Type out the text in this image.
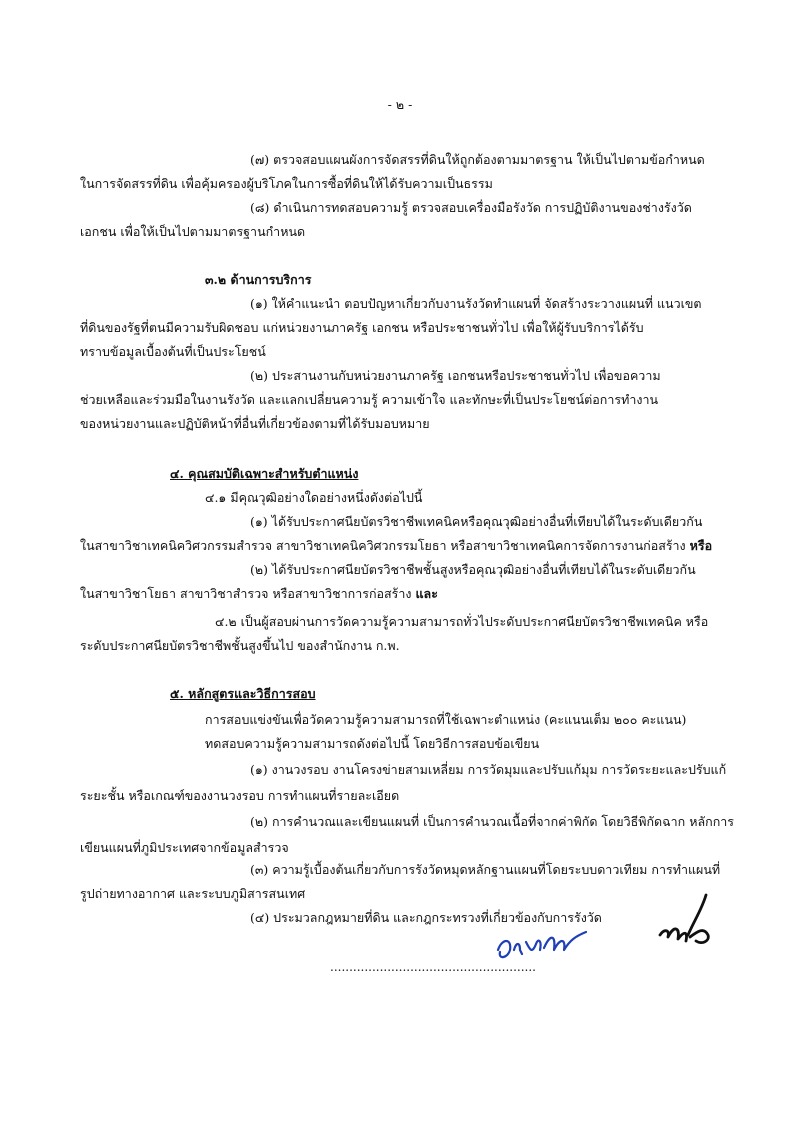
- ๒ -
(๗) ตรวจสอบแผนผังการจัดสรรที่ดินให้ถูกต้องตามมาตรฐาน ให้เป็นไปตามข้อกำหนด
ในการจัดสรรที่ดิน เพื่อคุ้มครองผู้บริโภคในการซื้อที่ดินให้ได้รับความเป็นธรรม
(๘) ดำเนินการทดสอบความรู้ ตรวจสอบเครื่องมือรังวัด การปฏิบัติงานของช่างรังวัด
เอกชน เพื่อให้เป็นไปตามมาตรฐานกำหนด
๓.๒ ด้านการบริการ
(๑) ให้คำแนะนำ ตอบปัญหาเกี่ยวกับงานรังวัดทำแผนที่ จัดสร้างระวางแผนที่ แนวเขต
ที่ดินของรัฐที่ตนมีความรับผิดชอบ แก่หน่วยงานภาครัฐ เอกชน หรือประชาชนทั่วไป เพื่อให้ผู้รับบริการได้รับ
ทราบข้อมูลเบื้องต้นที่เป็นประโยชน์
(๒) ประสานงานกับหน่วยงานภาครัฐ เอกชนหรือประชาชนทั่วไป เพื่อขอความ
ช่วยเหลือและร่วมมือในงานรังวัด และแลกเปลี่ยนความรู้ ความเข้าใจ และทักษะที่เป็นประโยชน์ต่อการทำงาน
ของหน่วยงานและปฏิบัติหน้าที่อื่นที่เกี่ยวข้องตามที่ได้รับมอบหมาย
๔. คุณสมบัติเฉพาะสำหรับตำแหน่ง
๔.๑ มีคุณวุฒิอย่างใดอย่างหนึ่งดังต่อไปนี้
(๑) ได้รับประกาศนียบัตรวิชาชีพเทคนิคหรือคุณวุฒิอย่างอื่นที่เทียบได้ในระดับเดียวกัน
ในสาขาวิชาเทคนิควิศวกรรมสำรวจ สาขาวิชาเทคนิควิศวกรรมโยธา หรือสาขาวิชาเทคนิคการจัดการงานก่อสร้าง หรือ
(๒) ได้รับประกาศนียบัตรวิชาชีพชั้นสูงหรือคุณวุฒิอย่างอื่นที่เทียบได้ในระดับเดียวกัน
ในสาขาวิชาโยธา สาขาวิชาสำรวจ หรือสาขาวิชาการก่อสร้าง และ
๔.๒ เป็นผู้สอบผ่านการวัดความรู้ความสามารถทั่วไประดับประกาศนียบัตรวิชาชีพเทคนิค หรือ
ระดับประกาศนียบัตรวิชาชีพชั้นสูงขึ้นไป ของสำนักงาน ก.พ.
๕. หลักสูตรและวิธีการสอบ
การสอบแข่งขันเพื่อวัดความรู้ความสามารถที่ใช้เฉพาะตำแหน่ง (คะแนนเต็ม ๒๐๐ คะแนน)
ทดสอบความรู้ความสามารถดังต่อไปนี้ โดยวิธีการสอบข้อเขียน
(๑) งานวงรอบ งานโครงข่ายสามเหลี่ยม การวัดมุมและปรับแก้มุม การวัดระยะและปรับแก้
ระยะชั้น หรือเกณฑ์ของงานวงรอบ การทำแผนที่รายละเอียด
(๒) การคำนวณและเขียนแผนที่ เป็นการคำนวณเนื้อที่จากค่าพิกัด โดยวิธีพิกัดฉาก หลักการ
เขียนแผนที่ภูมิประเทศจากข้อมูลสำรวจ
(๓) ความรู้เบื้องต้นเกี่ยวกับการรังวัดหมุดหลักฐานแผนที่โดยระบบดาวเทียม การทำแผนที่
รูปถ่ายทางอากาศ และระบบภูมิสารสนเทศ
(๔) ประมวลกฎหมายที่ดิน และกฎกระทรวงที่เกี่ยวข้องกับการรังวัด
......................................................
